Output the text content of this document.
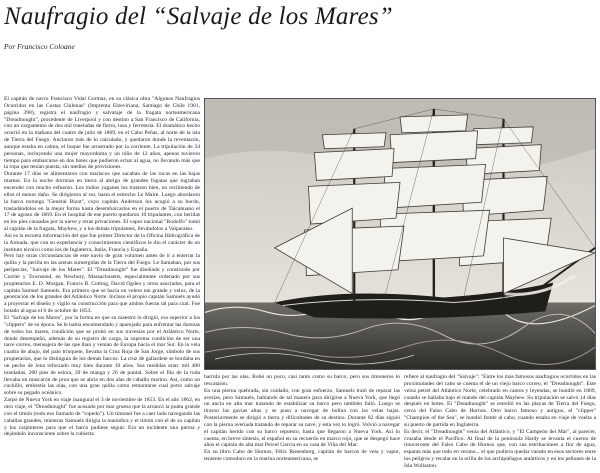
Naufragio del “Salvaje de los Mares”
Por Francisco Coloane

El capitán de navío Francisco Vidal Gormaz, en su clásica obra "Algunos Naufragios Ocurridos en las Costas Chilenas" (Imprenta Elzeviriana, Santiago de Chile 1901, página 398), registra el naufragio y salvataje de la fragata norteamericana "Dreadnought", procedente de Liverpool y con destino a San Francisco de California, con un cargamento de dos mil toneladas de fierro, losa y ferretería. El dramático hecho ocurrió en la mañana del cuatro de julio de 1869, en el Cabo Peñas, al norte de la isla de Tierra del Fuego. Anclaron más de lo calculado, y quedaron donde la reventazón, aunque estaba en calma, el buque fue arrastrado por la corriente. La tripulación de 34 personas, incluyendo una mujer mayordoma y un niño de 12 años, apenas tuvieron tiempo para embarcarse en dos botes que pudieron echar al agua, no llevando más que la ropa que tenían puesta, sin medios de provisiones.

Durante 17 días se alimentaron con mariscos que sacaban de las rocas en las bajas mareas. En la noche dormían en tierra al abrigo de grandes fogatas que lograban encender con mucho esfuerzo. Los indios yaganes los trataron bien, no recibiendo de ellos el menor daño. Se dirigieron al sur, hasta el estrecho Le Maire. Luego abordaron la barca noruega "General Bizot", cuyo capitán Anderson los acogió a su bordo, trasladándolos en la mejor forma hasta desembarcarlos en el puerto de Talcahuano el 17 de agosto de 1869. En el hospital de ese puerto quedaron 10 tripulantes, con heridas en los pies causadas por la nieve y otras privaciones. El vapor nacional "Rodolfo" tomó al capitán de la fragata, Mayhew, y a los demás tripulantes, llevándolos a Valparaíso.

Así es la escueta información del que fue primer Director de la Oficina Hidrográfica de la Armada, que con su experiencia y conocimientos científicos le dio el carácter de un instituto técnico como los de Inglaterra, Italia, Francia y España.

Pero hay otras circunstancias de este navío de gran volumen antes de ir a enterrar la quilla y la perilla en las arenas sumergidas de la Tierra del Fuego. Le llamaban, por sus peripecias, "Salvaje de los Mares". El "Dreadnought" fue diseñado y construido por Currier y Townsend, en Newbury, Massachusetts, especialmente ordenado por sus propietarios E. D. Morgan, Francis B. Cutting, David Ogden y otros asociados, para el capitán Samuel Samuels. Era primero que se hacía un velero tan grande y veloz, de la generación de los grandes del Atlántico Norte. Incluso el propio capitán Samuels ayudó a proyectar el diseño y vigiló su construcción para que ambos fueran tal para cual. Fue botado al agua el 6 de octubre de 1853.

El "Salvaje de los Mares", por la forma en que su maestro lo dirigió, era superior a los "clippers" de su época. Se le había encomendado y aparejado para enfrentar las durezas de todos los mares, condición que se probó en sus travesías por el Atlántico Norte, donde desempeñó, además de su registro de carga, la suprema condición de ser una nave correo, mensajera de las que iban y venían de Europa hacia el mar Sur. En la vela cuadra de abajo, del palo trinquete, llevaba la Cruz Roja de San Jorge, símbolo de sus propietarios, que lo distinguía de los demás barcos. La cruz de gallardete se bordaba en un pecho de lona reforzado muy bien durante 10 años. Sus medidas eran: mil 400 toneladas, 200 pies de eslora, 39 de manga y 26 de puntal. Sobre el filo de la roda llevaba un mascarón de proa que se abría en dos alas de caballo marino. Así, como un cuchillo, embestía las olas, con una gran quilla como remontarse cual potro salvaje sobre su pegado océánico.

Zarpó de Nueva York en viaje inaugural el 3 de noviembre de 1853. En el año 1862, en otro viaje, el "Dreadnought" fue acosado por mar gruesa que la arrancó la punta grande con el timón (todo eso llamado de "ropedo"). Un timonel fue a caer lado navegando las caballas grandes, mientras Samuels dirigía la maniobra y el timón con el de su capitán y los carpinteros para que el barco pudiese seguir. Era un incidente una pierna y dejándolo inconsciente sobre la cubierta

barrida por las olas. Robó un poco, casi tanto como su barco; pero sus timoneros lo rescataron.

En una pierna quebrada, sin cuidado, con gran esfuerzo, Samuels trató de reparar las averías, pero Samuels, hablando de tal manera para dirigirse a Nueva York, que llegó un ancla en alta mar tratando de estabilizar su barco pero también falló. Luego se tiraron las gavias altas y se puso a navegar de bolina con las velas bajas. Posteriormente se dirigió a tierra y dificultades de su destino. Durante 82 días siguió con la pierna averiada tratando de reparar su nave, y esta vez lo logró. Volvió a navegar el capitán herido con su barco repuesto, hasta que llegaron a Nueva York. Así lo cuenta, en breve síntesis, el español en su recuerdo en marco rojo, que se despegó hace años el capitán de alta mar Percel García en su casa de Viña del Mar.

En su libro Cabo de Hornos, Félix Riesenberg, capitán de barcos de vela y vapor, teniente comodoro en la marina norteamericana, se

refiere al naufragio del "Salvaje": "Entre los más famosos naufragios ocurridos en las proximidades del cabo se cuenta el de un viejo barco correo, el "Dreadnought". Este veloz petrel del Atlántico Norte, celebrado en cantos y leyendas, se hundió en 1869, cuando se hallaba bajo el mando del capitán Mayhew. Su tripulación se salvó 14 días después en botes. El "Dreadnought" se estrelló en las playas de Tierra del Fuego, cerca del Falso Cabo de Hornos. Otro barco famoso y antiguo, el "clipper" "Champion of the Sea", se hundió frente al cabo, cuando estaba en viaje de vuelta a su puerto de partida en Inglaterra.

Es decir, el "Dreadnought" venía del Atlántico, y "El Campeón del Mar", al parecer, cruzaba desde el Pacífico. Al final de la península Hardy se levanta el cuerno de rinoceronte del Falso Cabo de Hornos que, con sus estribaciones a flor de agua, espanta más que todo en verano... el que pudiera quedar varado en esos sectores entre los peligros y recalar en la orilla de los archipiélagos antárticos y en los peñones de la Isla Wollaston.
